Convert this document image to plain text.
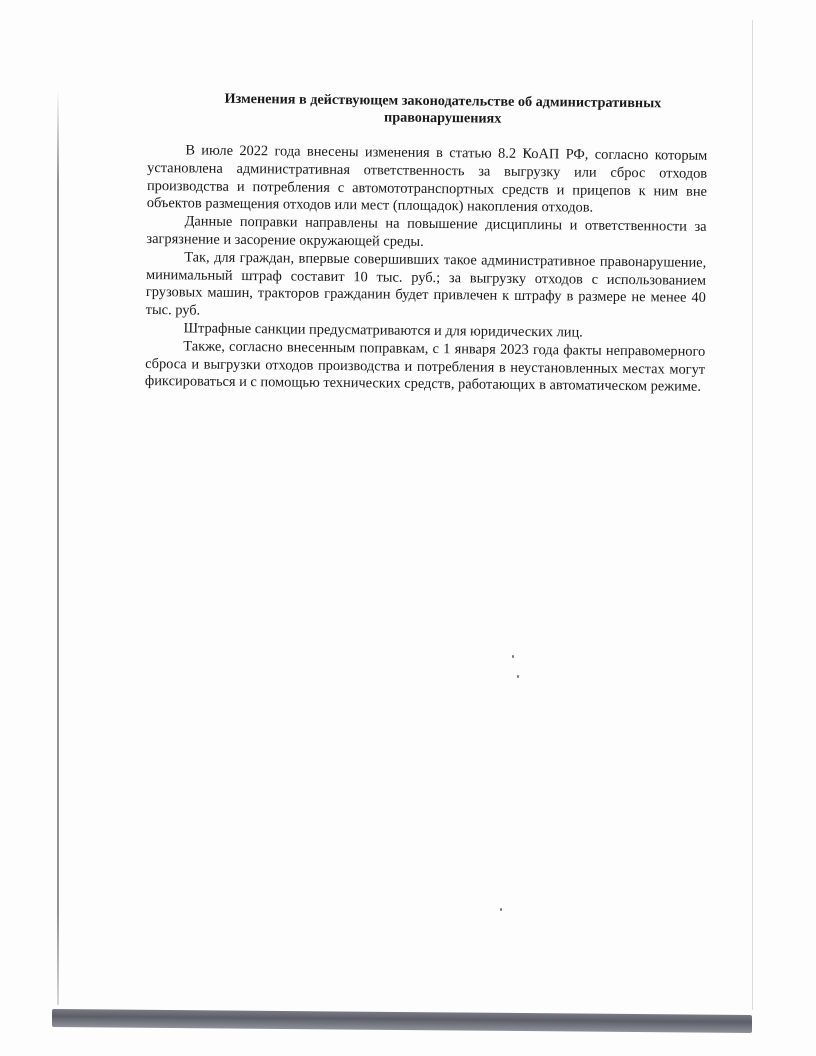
Изменения в действующем законодательстве об административных правонарушениях

В июле 2022 года внесены изменения в статью 8.2 КоАП РФ, согласно которым установлена административная ответственность за выгрузку или сброс отходов производства и потребления с автомототранспортных средств и прицепов к ним вне объектов размещения отходов или мест (площадок) накопления отходов.

Данные поправки направлены на повышение дисциплины и ответственности за загрязнение и засорение окружающей среды.

Так, для граждан, впервые совершивших такое административное правонарушение, минимальный штраф составит 10 тыс. руб.; за выгрузку отходов с использованием грузовых машин, тракторов гражданин будет привлечен к штрафу в размере не менее 40 тыс. руб.

Штрафные санкции предусматриваются и для юридических лиц.

Также, согласно внесенным поправкам, с 1 января 2023 года факты неправомерного сброса и выгрузки отходов производства и потребления в неустановленных местах могут фиксироваться и с помощью технических средств, работающих в автоматическом режиме.
